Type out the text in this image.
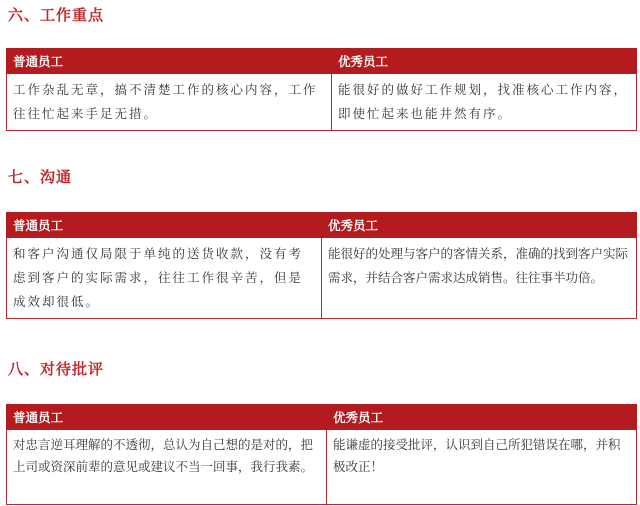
六、工作重点
普通员工	优秀员工
工作杂乱无章，搞不清楚工作的核心内容，工作往往忙起来手足无措。	能很好的做好工作规划，找准核心工作内容，即使忙起来也能井然有序。
七、沟通
普通员工	优秀员工
和客户沟通仅局限于单纯的送货收款，没有考虑到客户的实际需求，往往工作很辛苦，但是成效却很低。	能很好的处理与客户的客情关系，准确的找到客户实际需求，并结合客户需求达成销售。往往事半功倍。
八、对待批评
普通员工	优秀员工
对忠言逆耳理解的不透彻，总认为自己想的是对的，把上司或资深前辈的意见或建议不当一回事，我行我素。	能谦虚的接受批评，认识到自己所犯错误在哪，并积极改正！
